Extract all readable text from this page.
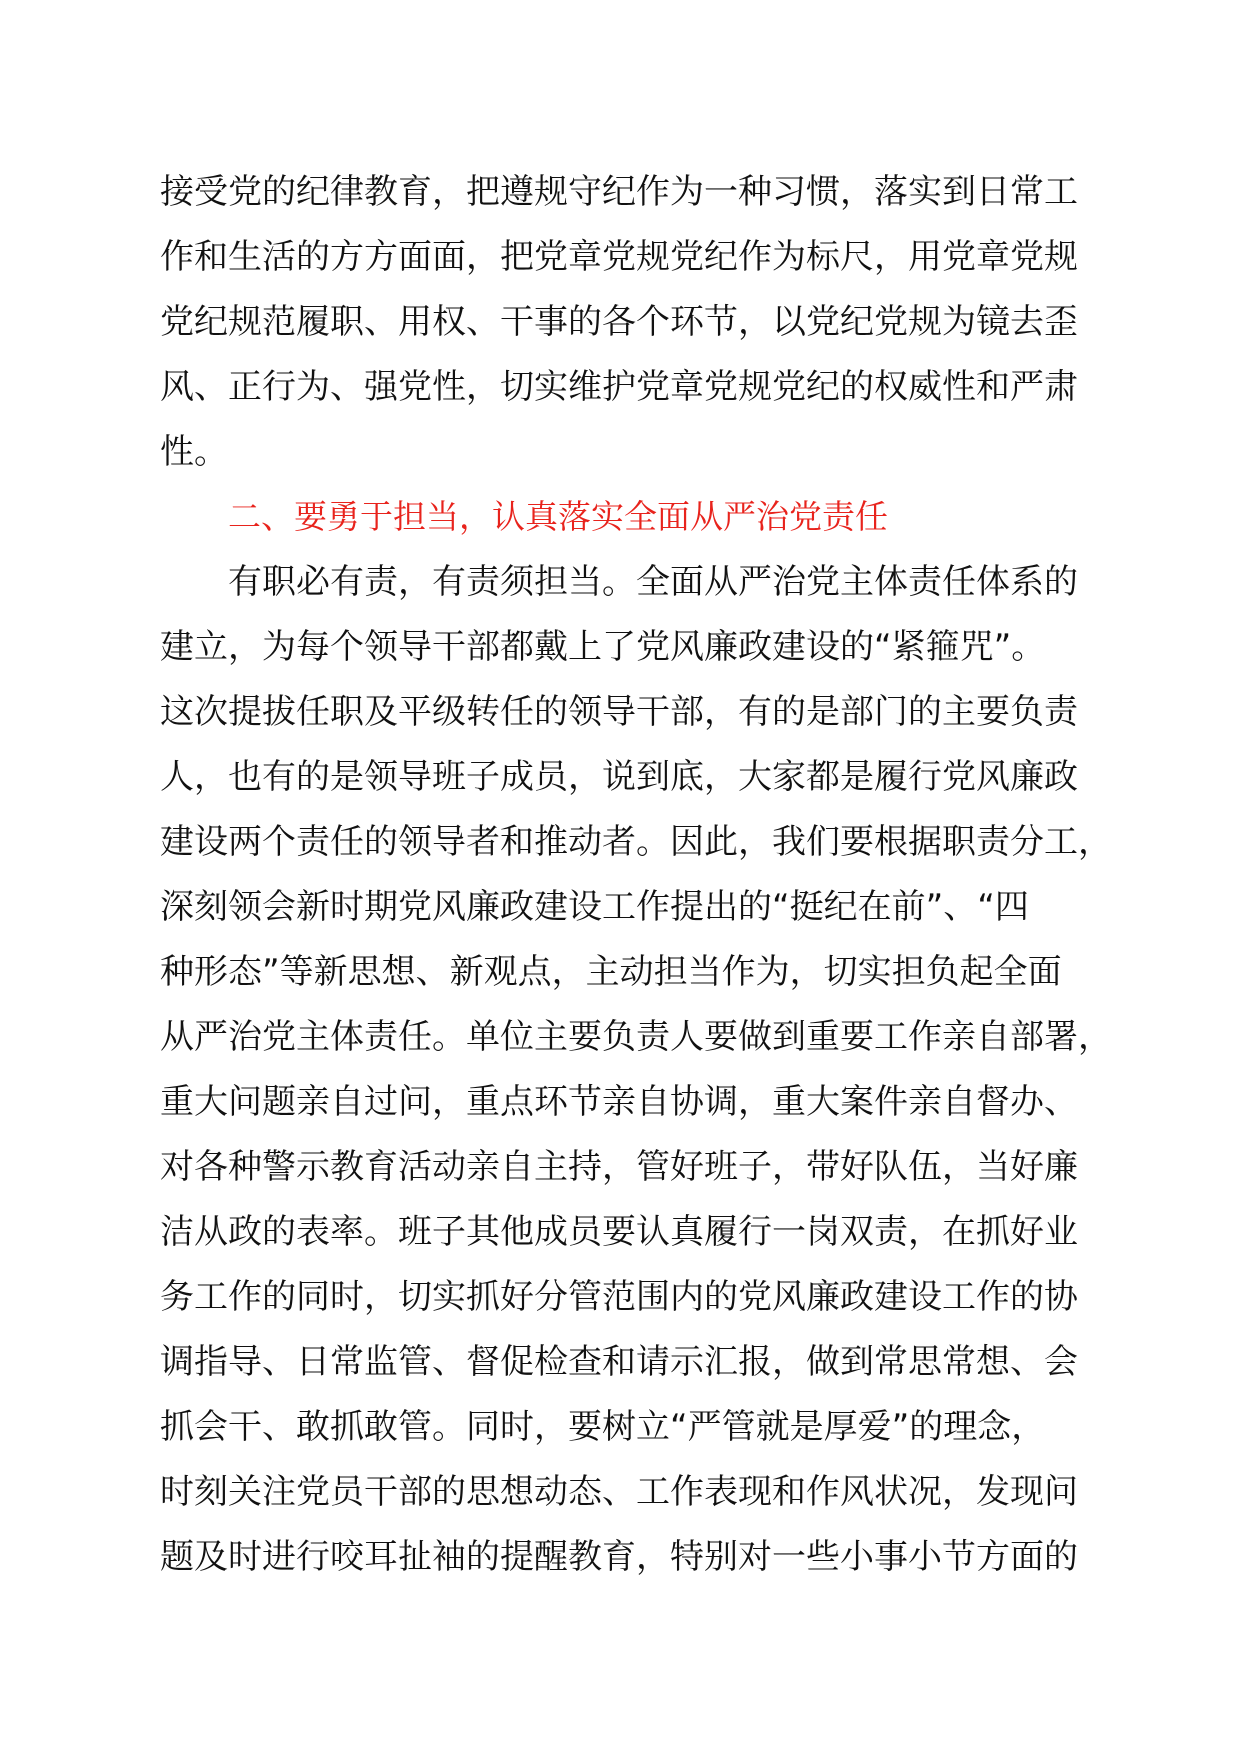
接受党的纪律教育，把遵规守纪作为一种习惯，落实到日常工
作和生活的方方面面，把党章党规党纪作为标尺，用党章党规
党纪规范履职、用权、干事的各个环节，以党纪党规为镜去歪
风、正行为、强党性，切实维护党章党规党纪的权威性和严肃
性。
二、要勇于担当，认真落实全面从严治党责任
有职必有责，有责须担当。全面从严治党主体责任体系的
建立，为每个领导干部都戴上了党风廉政建设的“紧箍咒”。
这次提拔任职及平级转任的领导干部，有的是部门的主要负责
人，也有的是领导班子成员，说到底，大家都是履行党风廉政
建设两个责任的领导者和推动者。因此，我们要根据职责分工，
深刻领会新时期党风廉政建设工作提出的“挺纪在前”、“四
种形态”等新思想、新观点，主动担当作为，切实担负起全面
从严治党主体责任。单位主要负责人要做到重要工作亲自部署，
重大问题亲自过问，重点环节亲自协调，重大案件亲自督办、
对各种警示教育活动亲自主持，管好班子，带好队伍，当好廉
洁从政的表率。班子其他成员要认真履行一岗双责，在抓好业
务工作的同时，切实抓好分管范围内的党风廉政建设工作的协
调指导、日常监管、督促检查和请示汇报，做到常思常想、会
抓会干、敢抓敢管。同时，要树立“严管就是厚爱”的理念，
时刻关注党员干部的思想动态、工作表现和作风状况，发现问
题及时进行咬耳扯袖的提醒教育，特别对一些小事小节方面的
